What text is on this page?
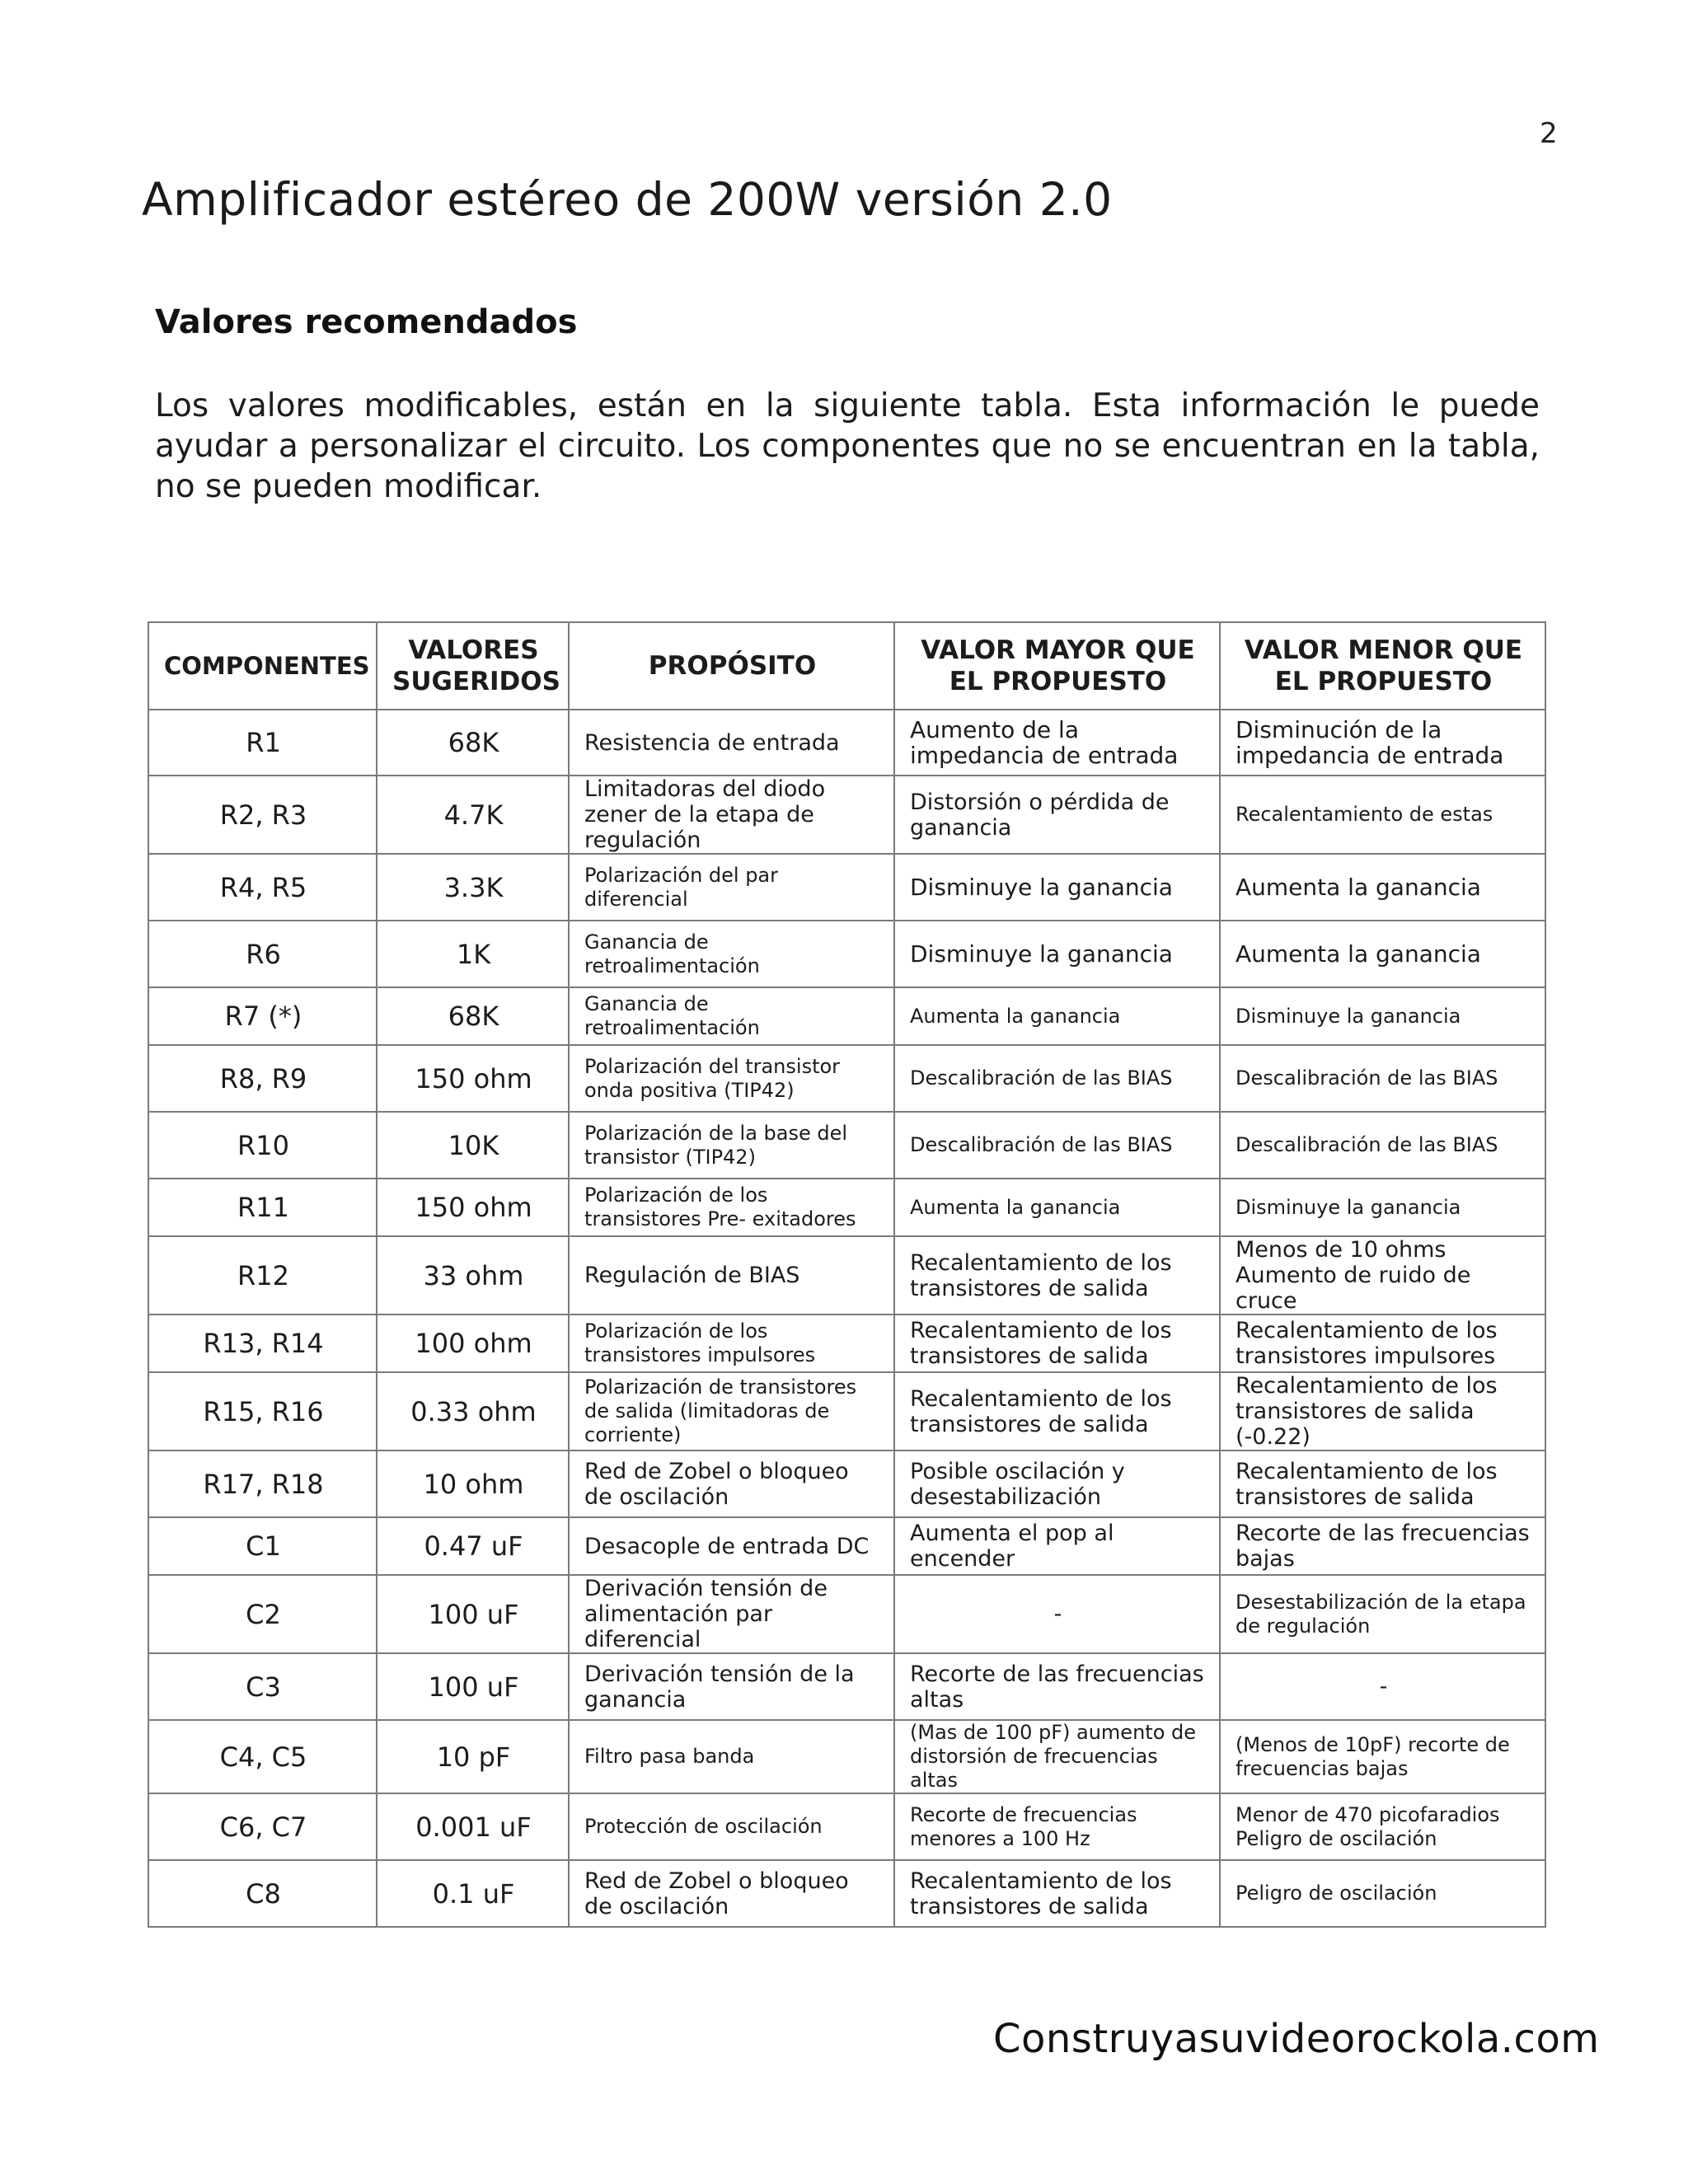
2
Amplificador estéreo de 200W versión 2.0
Valores recomendados

Los valores modificables, están en la siguiente tabla. Esta información le puede ayudar a personalizar el circuito. Los componentes que no se encuentran en la tabla, no se pueden modificar.

COMPONENTES	VALORES SUGERIDOS	PROPÓSITO	VALOR MAYOR QUE EL PROPUESTO	VALOR MENOR QUE EL PROPUESTO
R1	68K	Resistencia de entrada	Aumento de la impedancia de entrada	Disminución de la impedancia de entrada
R2, R3	4.7K	Limitadoras del diodo zener de la etapa de regulación	Distorsión o pérdida de ganancia	Recalentamiento de estas
R4, R5	3.3K	Polarización del par diferencial	Disminuye la ganancia	Aumenta la ganancia
R6	1K	Ganancia de retroalimentación	Disminuye la ganancia	Aumenta la ganancia
R7 (*)	68K	Ganancia de retroalimentación	Aumenta la ganancia	Disminuye la ganancia
R8, R9	150 ohm	Polarización del transistor onda positiva (TIP42)	Descalibración de las BIAS	Descalibración de las BIAS
R10	10K	Polarización de la base del transistor (TIP42)	Descalibración de las BIAS	Descalibración de las BIAS
R11	150 ohm	Polarización de los transistores Pre- exitadores	Aumenta la ganancia	Disminuye la ganancia
R12	33 ohm	Regulación de BIAS	Recalentamiento de los transistores de salida	Menos de 10 ohms Aumento de ruido de cruce
R13, R14	100 ohm	Polarización de los transistores impulsores	Recalentamiento de los transistores de salida	Recalentamiento de los transistores impulsores
R15, R16	0.33 ohm	Polarización de transistores de salida (limitadoras de corriente)	Recalentamiento de los transistores de salida	Recalentamiento de los transistores de salida (-0.22)
R17, R18	10 ohm	Red de Zobel o bloqueo de oscilación	Posible oscilación y desestabilización	Recalentamiento de los transistores de salida
C1	0.47 uF	Desacople de entrada DC	Aumenta el pop al encender	Recorte de las frecuencias bajas
C2	100 uF	Derivación tensión de alimentación par diferencial	-	Desestabilización de la etapa de regulación
C3	100 uF	Derivación tensión de la ganancia	Recorte de las frecuencias altas	-
C4, C5	10 pF	Filtro pasa banda	(Mas de 100 pF) aumento de distorsión de frecuencias altas	(Menos de 10pF) recorte de frecuencias bajas
C6, C7	0.001 uF	Protección de oscilación	Recorte de frecuencias menores a 100 Hz	Menor de 470 picofaradios Peligro de oscilación
C8	0.1 uF	Red de Zobel o bloqueo de oscilación	Recalentamiento de los transistores de salida	Peligro de oscilación
Construyasuvideorockola.com
